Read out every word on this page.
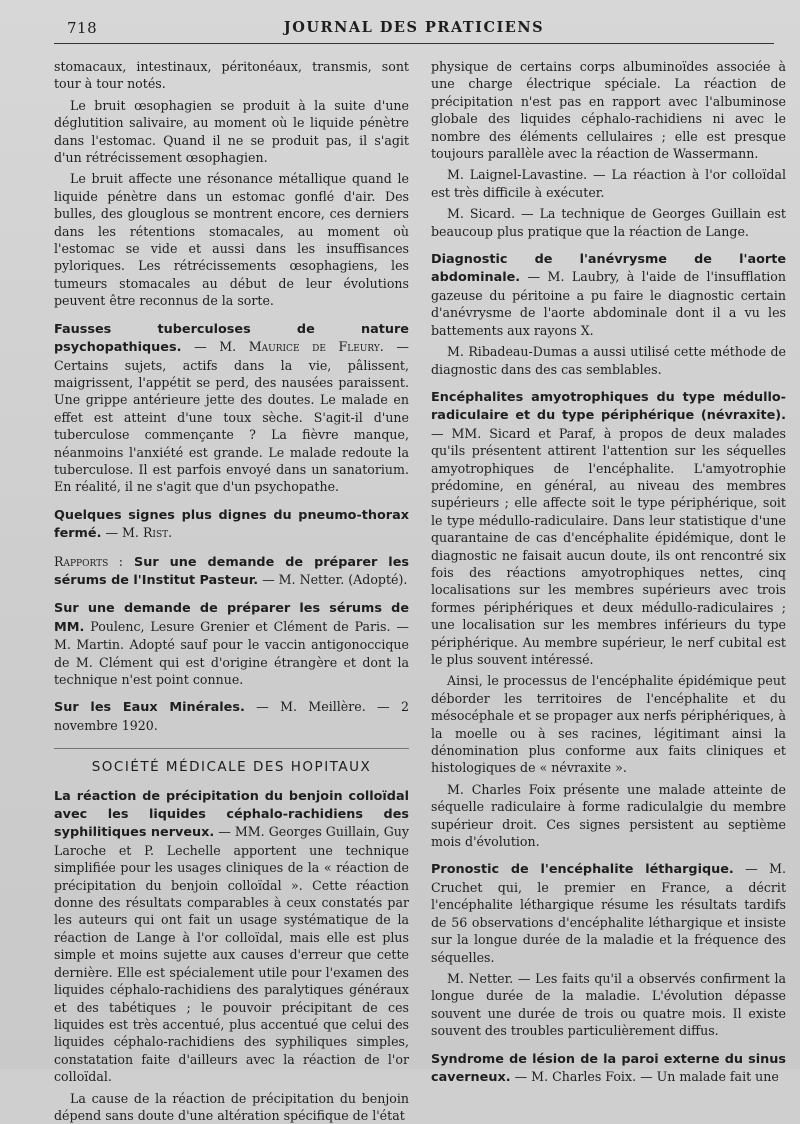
718	JOURNAL DES PRATICIENS

stomacaux, intestinaux, péritonéaux, transmis, sont tour à tour notés.

Le bruit œsophagien se produit à la suite d'une déglutition salivaire, au moment où le liquide pénètre dans l'estomac. Quand il ne se produit pas, il s'agit d'un rétrécissement œsophagien.

Le bruit affecte une résonance métallique quand le liquide pénètre dans un estomac gonflé d'air. Des bulles, des glouglous se montrent encore, ces derniers dans les rétentions stomacales, au moment où l'estomac se vide et aussi dans les insuffisances pyloriques. Les rétrécissements œsophagiens, les tumeurs stomacales au début de leur évolutions peuvent être reconnus de la sorte.

Fausses tuberculoses de nature psychopathiques. — M. Maurice de Fleury. — Certains sujets, actifs dans la vie, pâlissent, maigrissent, l'appétit se perd, des nausées paraissent. Une grippe antérieure jette des doutes. Le malade en effet est atteint d'une toux sèche. S'agit-il d'une tuberculose commençante ? La fièvre manque, néanmoins l'anxiété est grande. Le malade redoute la tuberculose. Il est parfois envoyé dans un sanatorium. En réalité, il ne s'agit que d'un psychopathe.

Quelques signes plus dignes du pneumo-thorax fermé. — M. Rist.

Rapports : Sur une demande de préparer les sérums de l'Institut Pasteur. — M. Netter. (Adopté).

Sur une demande de préparer les sérums de MM. Poulenc, Lesure Grenier et Clément de Paris. — M. Martin. Adopté sauf pour le vaccin antigonoccique de M. Clément qui est d'origine étrangère et dont la technique n'est point connue.

Sur les Eaux Minérales. — M. Meillère. — 2 novembre 1920.

SOCIÉTÉ MÉDICALE DES HOPITAUX

La réaction de précipitation du benjoin colloïdal avec les liquides céphalo-rachidiens des syphilitiques nerveux. — MM. Georges Guillain, Guy Laroche et P. Lechelle apportent une technique simplifiée pour les usages cliniques de la « réaction de précipitation du benjoin colloïdal ». Cette réaction donne des résultats comparables à ceux constatés par les auteurs qui ont fait un usage systématique de la réaction de Lange à l'or colloïdal, mais elle est plus simple et moins sujette aux causes d'erreur que cette dernière. Elle est spécialement utile pour l'examen des liquides céphalo-rachidiens des paralytiques généraux et des tabétiques ; le pouvoir précipitant de ces liquides est très accentué, plus accentué que celui des liquides céphalo-rachidiens des syphiliques simples, constatation faite d'ailleurs avec la réaction de l'or colloïdal.

La cause de la réaction de précipitation du benjoin dépend sans doute d'une altération spécifique de l'état

physique de certains corps albuminoïdes associée à une charge électrique spéciale. La réaction de précipitation n'est pas en rapport avec l'albuminose globale des liquides céphalo-rachidiens ni avec le nombre des éléments cellulaires ; elle est presque toujours parallèle avec la réaction de Wassermann.

M. Laignel-Lavastine. — La réaction à l'or colloïdal est très difficile à exécuter.

M. Sicard. — La technique de Georges Guillain est beaucoup plus pratique que la réaction de Lange.

Diagnostic de l'anévrysme de l'aorte abdominale. — M. Laubry, à l'aide de l'insufflation gazeuse du péritoine a pu faire le diagnostic certain d'anévrysme de l'aorte abdominale dont il a vu les battements aux rayons X.

M. Ribadeau-Dumas a aussi utilisé cette méthode de diagnostic dans des cas semblables.

Encéphalites amyotrophiques du type médullo-radiculaire et du type périphérique (névraxite). — MM. Sicard et Paraf, à propos de deux malades qu'ils présentent attirent l'attention sur les séquelles amyotrophiques de l'encéphalite. L'amyotrophie prédomine, en général, au niveau des membres supérieurs ; elle affecte soit le type périphérique, soit le type médullo-radiculaire. Dans leur statistique d'une quarantaine de cas d'encéphalite épidémique, dont le diagnostic ne faisait aucun doute, ils ont rencontré six fois des réactions amyotrophiques nettes, cinq localisations sur les membres supérieurs avec trois formes périphériques et deux médullo-radiculaires ; une localisation sur les membres inférieurs du type périphérique. Au membre supérieur, le nerf cubital est le plus souvent intéressé.

Ainsi, le processus de l'encéphalite épidémique peut déborder les territoires de l'encéphalite et du mésocéphale et se propager aux nerfs périphériques, à la moelle ou à ses racines, légitimant ainsi la dénomination plus conforme aux faits cliniques et histologiques de « névraxite ».

M. Charles Foix présente une malade atteinte de séquelle radiculaire à forme radiculalgie du membre supérieur droit. Ces signes persistent au septième mois d'évolution.

Pronostic de l'encéphalite léthargique. — M. Cruchet qui, le premier en France, a décrit l'encéphalite léthargique résume les résultats tardifs de 56 observations d'encéphalite léthargique et insiste sur la longue durée de la maladie et la fréquence des séquelles.

M. Netter. — Les faits qu'il a observés confirment la longue durée de la maladie. L'évolution dépasse souvent une durée de trois ou quatre mois. Il existe souvent des troubles particulièrement diffus.

Syndrome de lésion de la paroi externe du sinus caverneux. — M. Charles Foix. — Un malade fait une
